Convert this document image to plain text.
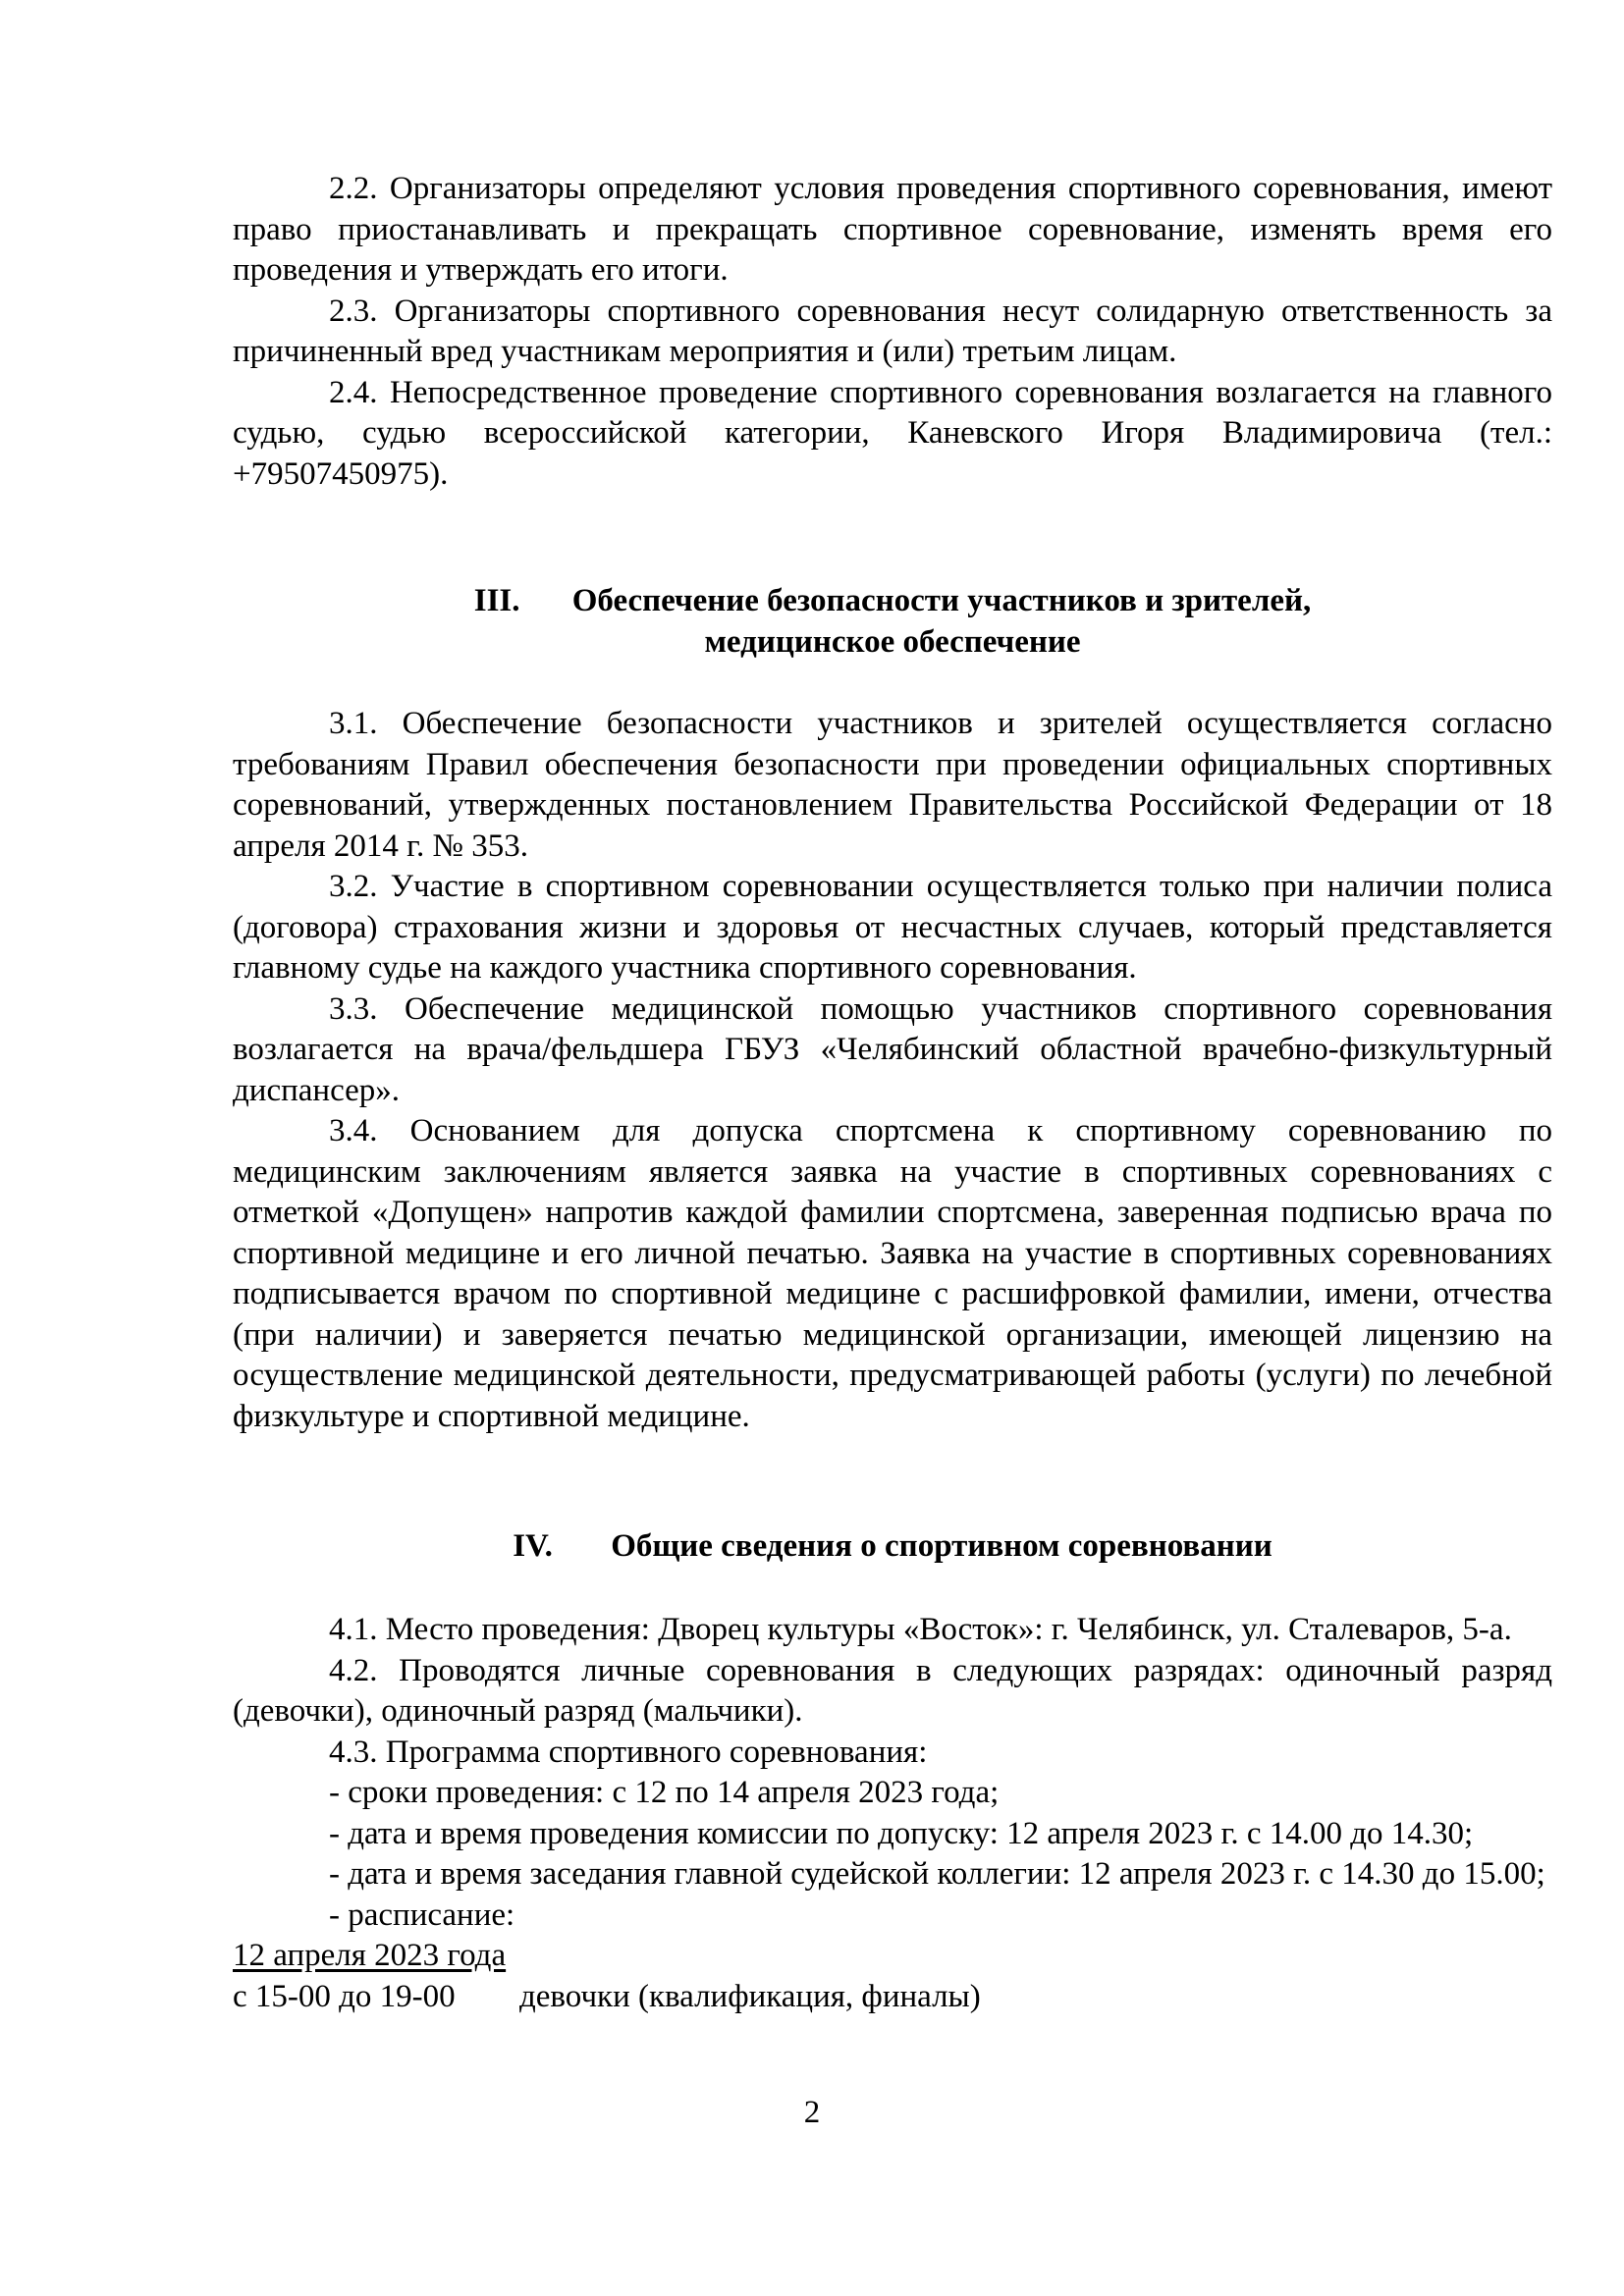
2.2. Организаторы определяют условия проведения спортивного соревнования, имеют право приостанавливать и прекращать спортивное соревнование, изменять время его проведения и утверждать его итоги.

2.3. Организаторы спортивного соревнования несут солидарную ответственность за причиненный вред участникам мероприятия и (или) третьим лицам.

2.4. Непосредственное проведение спортивного соревнования возлагается на главного судью, судью всероссийской категории, Каневского Игоря Владимировича (тел.: +79507450975).

III. Обеспечение безопасности участников и зрителей,

медицинское обеспечение

3.1. Обеспечение безопасности участников и зрителей осуществляется согласно требованиям Правил обеспечения безопасности при проведении официальных спортивных соревнований, утвержденных постановлением Правительства Российской Федерации от 18 апреля 2014 г. № 353.

3.2. Участие в спортивном соревновании осуществляется только при наличии полиса (договора) страхования жизни и здоровья от несчастных случаев, который представляется главному судье на каждого участника спортивного соревнования.

3.3. Обеспечение медицинской помощью участников спортивного соревнования возлагается на врача/фельдшера ГБУЗ «Челябинский областной врачебно-физкультурный диспансер».

3.4. Основанием для допуска спортсмена к спортивному соревнованию по медицинским заключениям является заявка на участие в спортивных соревнованиях с отметкой «Допущен» напротив каждой фамилии спортсмена, заверенная подписью врача по спортивной медицине и его личной печатью. Заявка на участие в спортивных соревнованиях подписывается врачом по спортивной медицине с расшифровкой фамилии, имени, отчества (при наличии) и заверяется печатью медицинской организации, имеющей лицензию на осуществление медицинской деятельности, предусматривающей работы (услуги) по лечебной физкультуре и спортивной медицине.

IV. Общие сведения о спортивном соревновании

4.1. Место проведения: Дворец культуры «Восток»: г. Челябинск, ул. Сталеваров, 5-а.

4.2. Проводятся личные соревнования в следующих разрядах: одиночный разряд (девочки), одиночный разряд (мальчики).

4.3. Программа спортивного соревнования:

- сроки проведения: с 12 по 14 апреля 2023 года;

- дата и время проведения комиссии по допуску: 12 апреля 2023 г. с 14.00 до 14.30;

- дата и время заседания главной судейской коллегии: 12 апреля 2023 г. с 14.30 до 15.00;

- расписание:

12 апреля 2023 года

с 15-00 до 19-00 девочки (квалификация, финалы)

2
